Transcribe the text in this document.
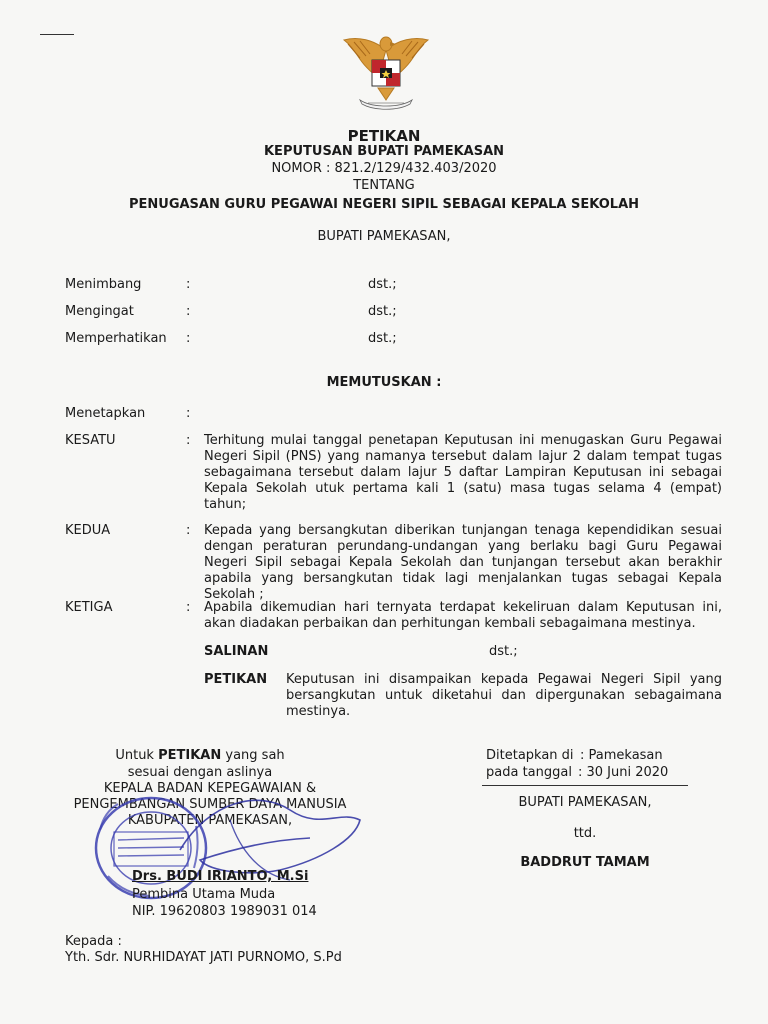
PETIKAN
KEPUTUSAN BUPATI PAMEKASAN
NOMOR : 821.2/129/432.403/2020
TENTANG
PENUGASAN GURU PEGAWAI NEGERI SIPIL SEBAGAI KEPALA SEKOLAH
BUPATI PAMEKASAN,
Menimbang	:	dst.;
Mengingat	:	dst.;
Memperhatikan :	dst.;
MEMUTUSKAN :
Menetapkan	:
KESATU	: Terhitung mulai tanggal penetapan Keputusan ini menugaskan Guru Pegawai Negeri Sipil (PNS) yang namanya tersebut dalam lajur 2 dalam tempat tugas sebagaimana tersebut dalam lajur 5 daftar Lampiran Keputusan ini sebagai Kepala Sekolah utuk pertama kali 1 (satu) masa tugas selama 4 (empat) tahun;
KEDUA	: Kepada yang bersangkutan diberikan tunjangan tenaga kependidikan sesuai dengan peraturan perundang-undangan yang berlaku bagi Guru Pegawai Negeri Sipil sebagai Kepala Sekolah dan tunjangan tersebut akan berakhir apabila yang bersangkutan tidak lagi menjalankan tugas sebagai Kepala Sekolah ;
KETIGA	: Apabila dikemudian hari ternyata terdapat kekeliruan dalam Keputusan ini, akan diadakan perbaikan dan perhitungan kembali sebagaimana mestinya.
SALINAN	dst.;
PETIKAN Keputusan ini disampaikan kepada Pegawai Negeri Sipil yang bersangkutan untuk diketahui dan dipergunakan sebagaimana mestinya.
Untuk PETIKAN yang sah
sesuai dengan aslinya
KEPALA BADAN KEPEGAWAIAN &
PENGEMBANGAN SUMBER DAYA MANUSIA
KABUPATEN PAMEKASAN,
Drs. BUDI IRIANTO, M.Si
Pembina Utama Muda
NIP. 19620803 1989031 014
Ditetapkan di : Pamekasan
pada tanggal : 30 Juni 2020
BUPATI PAMEKASAN,
ttd.
BADDRUT TAMAM
Kepada :
Yth. Sdr. NURHIDAYAT JATI PURNOMO, S.Pd
